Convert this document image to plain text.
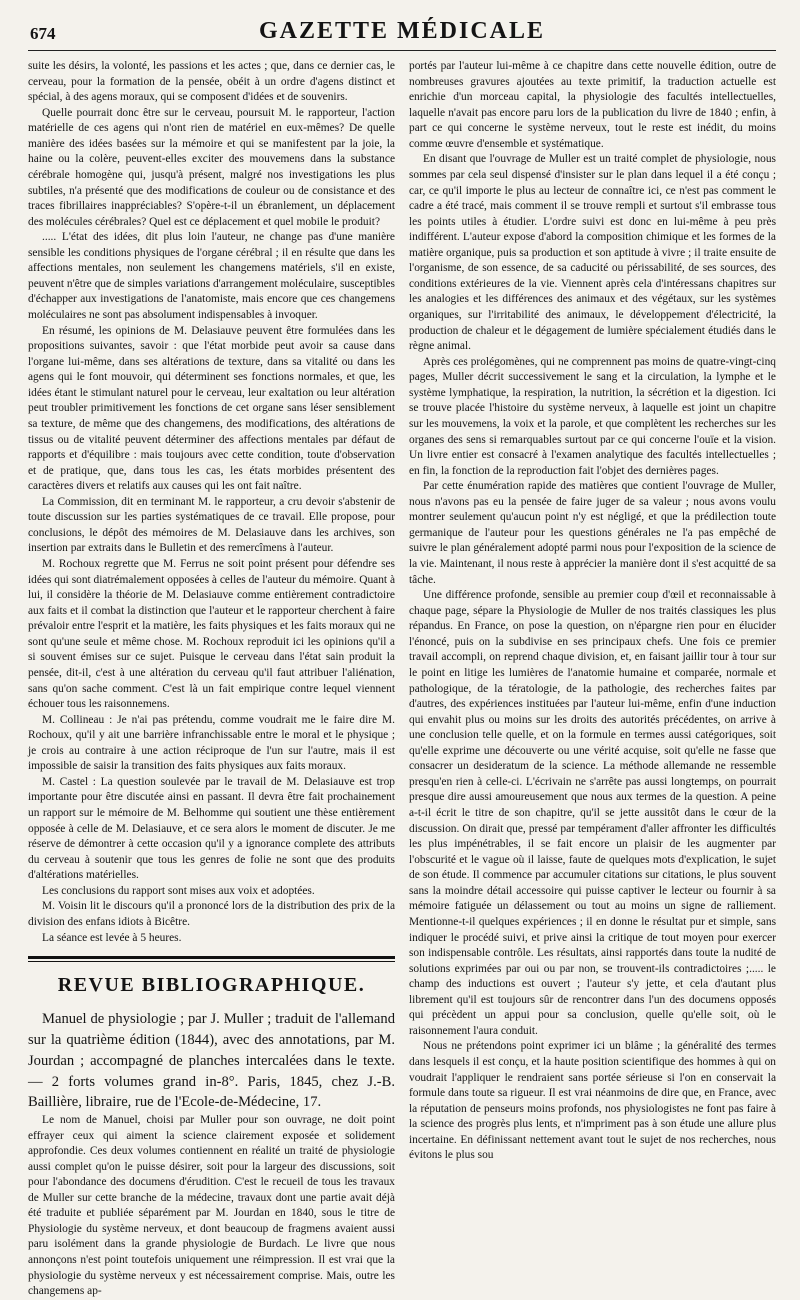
674	GAZETTE MÉDICALE

suite les désirs, la volonté, les passions et les actes ; que, dans ce dernier cas, le cerveau, pour la formation de la pensée, obéit à un ordre d'agens distinct et spécial, à des agens moraux, qui se composent d'idées et de souvenirs.

Quelle pourrait donc être sur le cerveau, poursuit M. le rapporteur, l'action matérielle de ces agens qui n'ont rien de matériel en eux-mêmes? De quelle manière des idées basées sur la mémoire et qui se manifestent par la joie, la haine ou la colère, peuvent-elles exciter des mouvemens dans la substance cérébrale homogène qui, jusqu'à présent, malgré nos investigations les plus subtiles, n'a présenté que des modifications de couleur ou de consistance et des traces fibrillaires inappréciables? S'opère-t-il un ébranlement, un déplacement des molécules cérébrales? Quel est ce déplacement et quel mobile le produit?

..... L'état des idées, dit plus loin l'auteur, ne change pas d'une manière sensible les conditions physiques de l'organe cérébral ; il en résulte que dans les affections mentales, non seulement les changemens matériels, s'il en existe, peuvent n'être que de simples variations d'arrangement moléculaire, susceptibles d'échapper aux investigations de l'anatomiste, mais encore que ces changemens moléculaires ne sont pas absolument indispensables à invoquer.

En résumé, les opinions de M. Delasiauve peuvent être formulées dans les propositions suivantes, savoir : que l'état morbide peut avoir sa cause dans l'organe lui-même, dans ses altérations de texture, dans sa vitalité ou dans les agens qui le font mouvoir, qui déterminent ses fonctions normales, et que, les idées étant le stimulant naturel pour le cerveau, leur exaltation ou leur altération peut troubler primitivement les fonctions de cet organe sans léser sensiblement sa texture, de même que des changemens, des modifications, des altérations de tissus ou de vitalité peuvent déterminer des affections mentales par défaut de rapports et d'équilibre : mais toujours avec cette condition, toute d'observation et de pratique, que, dans tous les cas, les états morbides présentent des caractères divers et relatifs aux causes qui les ont fait naître.

La Commission, dit en terminant M. le rapporteur, a cru devoir s'abstenir de toute discussion sur les parties systématiques de ce travail. Elle propose, pour conclusions, le dépôt des mémoires de M. Delasiauve dans les archives, son insertion par extraits dans le Bulletin et des remercîmens à l'auteur.

M. Rochoux regrette que M. Ferrus ne soit point présent pour défendre ses idées qui sont diatrémalement opposées à celles de l'auteur du mémoire. Quant à lui, il considère la théorie de M. Delasiauve comme entièrement contradictoire aux faits et il combat la distinction que l'auteur et le rapporteur cherchent à faire prévaloir entre l'esprit et la matière, les faits physiques et les faits moraux qui ne sont qu'une seule et même chose. M. Rochoux reproduit ici les opinions qu'il a si souvent émises sur ce sujet. Puisque le cerveau dans l'état sain produit la pensée, dit-il, c'est à une altération du cerveau qu'il faut attribuer l'aliénation, sans qu'on sache comment. C'est là un fait empirique contre lequel viennent échouer tous les raisonnemens.

M. Collineau : Je n'ai pas prétendu, comme voudrait me le faire dire M. Rochoux, qu'il y ait une barrière infranchissable entre le moral et le physique ; je crois au contraire à une action réciproque de l'un sur l'autre, mais il est impossible de saisir la transition des faits physiques aux faits moraux.

M. Castel : La question soulevée par le travail de M. Delasiauve est trop importante pour être discutée ainsi en passant. Il devra être fait prochainement un rapport sur le mémoire de M. Belhomme qui soutient une thèse entièrement opposée à celle de M. Delasiauve, et ce sera alors le moment de discuter. Je me réserve de démontrer à cette occasion qu'il y a ignorance complete des attributs du cerveau à soutenir que tous les genres de folie ne sont que des produits d'altérations matérielles.

Les conclusions du rapport sont mises aux voix et adoptées.

M. Voisin lit le discours qu'il a prononcé lors de la distribution des prix de la division des enfans idiots à Bicêtre.

La séance est levée à 5 heures.

REVUE BIBLIOGRAPHIQUE.

Manuel de physiologie ; par J. Muller ; traduit de l'allemand sur la quatrième édition (1844), avec des annotations, par M. Jourdan ; accompagné de planches intercalées dans le texte. — 2 forts volumes grand in-8°. Paris, 1845, chez J.-B. Baillière, libraire, rue de l'Ecole-de-Médecine, 17.

Le nom de Manuel, choisi par Muller pour son ouvrage, ne doit point effrayer ceux qui aiment la science clairement exposée et solidement approfondie. Ces deux volumes contiennent en réalité un traité de physiologie aussi complet qu'on le puisse désirer, soit pour la largeur des discussions, soit pour l'abondance des documens d'érudition. C'est le recueil de tous les travaux de Muller sur cette branche de la médecine, travaux dont une partie avait déjà été traduite et publiée séparément par M. Jourdan en 1840, sous le titre de Physiologie du système nerveux, et dont beaucoup de fragmens avaient aussi paru isolément dans la grande physiologie de Burdach. Le livre que nous annonçons n'est point toutefois uniquement une réimpression. Il est vrai que la physiologie du système nerveux y est nécessairement comprise. Mais, outre les changemens ap-

portés par l'auteur lui-même à ce chapitre dans cette nouvelle édition, outre de nombreuses gravures ajoutées au texte primitif, la traduction actuelle est enrichie d'un morceau capital, la physiologie des facultés intellectuelles, laquelle n'avait pas encore paru lors de la publication du livre de 1840 ; enfin, à part ce qui concerne le système nerveux, tout le reste est inédit, du moins comme œuvre d'ensemble et systématique.

En disant que l'ouvrage de Muller est un traité complet de physiologie, nous sommes par cela seul dispensé d'insister sur le plan dans lequel il a été conçu ; car, ce qu'il importe le plus au lecteur de connaître ici, ce n'est pas comment le cadre a été tracé, mais comment il se trouve rempli et surtout s'il embrasse tous les points utiles à étudier. L'ordre suivi est donc en lui-même à peu près indifférent. L'auteur expose d'abord la composition chimique et les formes de la matière organique, puis sa production et son aptitude à vivre ; il traite ensuite de l'organisme, de son essence, de sa caducité ou périssabilité, de ses sources, des conditions extérieures de la vie. Viennent après cela d'intéressans chapitres sur les analogies et les différences des animaux et des végétaux, sur les systèmes organiques, sur l'irritabilité des animaux, le développement d'électricité, la production de chaleur et le dégagement de lumière spécialement étudiés dans le règne animal.

Après ces prolégomènes, qui ne comprennent pas moins de quatre-vingt-cinq pages, Muller décrit successivement le sang et la circulation, la lymphe et le système lymphatique, la respiration, la nutrition, la sécrétion et la digestion. Ici se trouve placée l'histoire du système nerveux, à laquelle est joint un chapitre sur les mouvemens, la voix et la parole, et que complètent les recherches sur les organes des sens si remarquables surtout par ce qui concerne l'ouïe et la vision. Un livre entier est consacré à l'examen analytique des facultés intellectuelles ; en fin, la fonction de la reproduction fait l'objet des dernières pages.

Par cette énumération rapide des matières que contient l'ouvrage de Muller, nous n'avons pas eu la pensée de faire juger de sa valeur ; nous avons voulu montrer seulement qu'aucun point n'y est négligé, et que la prédilection toute germanique de l'auteur pour les questions générales ne l'a pas empêché de suivre le plan généralement adopté parmi nous pour l'exposition de la science de la vie. Maintenant, il nous reste à apprécier la manière dont il s'est acquitté de sa tâche.

Une différence profonde, sensible au premier coup d'œil et reconnaissable à chaque page, sépare la Physiologie de Muller de nos traités classiques les plus répandus. En France, on pose la question, on n'épargne rien pour en élucider l'énoncé, puis on la subdivise en ses principaux chefs. Une fois ce premier travail accompli, on reprend chaque division, et, en faisant jaillir tour à tour sur le point en litige les lumières de l'anatomie humaine et comparée, normale et pathologique, de la tératologie, de la pathologie, des recherches faites par d'autres, des expériences instituées par l'auteur lui-même, enfin d'une induction qui envahit plus ou moins sur les droits des autorités précédentes, on arrive à une conclusion telle quelle, et on la formule en termes aussi catégoriques, soit qu'elle exprime une découverte ou une vérité acquise, soit qu'elle ne fasse que consacrer un desideratum de la science. La méthode allemande ne ressemble presqu'en rien à celle-ci. L'écrivain ne s'arrête pas aussi longtemps, on pourrait presque dire aussi amoureusement que nous aux termes de la question. A peine a-t-il écrit le titre de son chapitre, qu'il se jette aussitôt dans le cœur de la discussion. On dirait que, pressé par tempérament d'aller affronter les difficultés les plus impénétrables, il se fait encore un plaisir de les augmenter par l'obscurité et le vague où il laisse, faute de quelques mots d'explication, le sujet de son étude. Il commence par accumuler citations sur citations, le plus souvent sans la moindre détail accessoire qui puisse captiver le lecteur ou fournir à sa mémoire fatiguée un délassement ou tout au moins un signe de ralliement. Mentionne-t-il quelques expériences ; il en donne le résultat pur et simple, sans indiquer le procédé suivi, et prive ainsi la critique de tout moyen pour exercer son indispensable contrôle. Les résultats, ainsi rapportés dans toute la nudité de solutions exprimées par oui ou par non, se trouvent-ils contradictoires ;..... le champ des inductions est ouvert ; l'auteur s'y jette, et cela d'autant plus librement qu'il est toujours sûr de rencontrer dans l'un des documens opposés qui précèdent un appui pour sa conclusion, quelle qu'elle soit, où le raisonnement l'aura conduit.

Nous ne prétendons point exprimer ici un blâme ; la généralité des termes dans lesquels il est conçu, et la haute position scientifique des hommes à qui on voudrait l'appliquer le rendraient sans portée sérieuse si l'on en conservait la formule dans toute sa rigueur. Il est vrai néanmoins de dire que, en France, avec la réputation de penseurs moins profonds, nos physiologistes ne font pas faire à la science des progrès plus lents, et n'impriment pas à son étude une allure plus incertaine. En définissant nettement avant tout le sujet de nos recherches, nous évitons le plus sou
